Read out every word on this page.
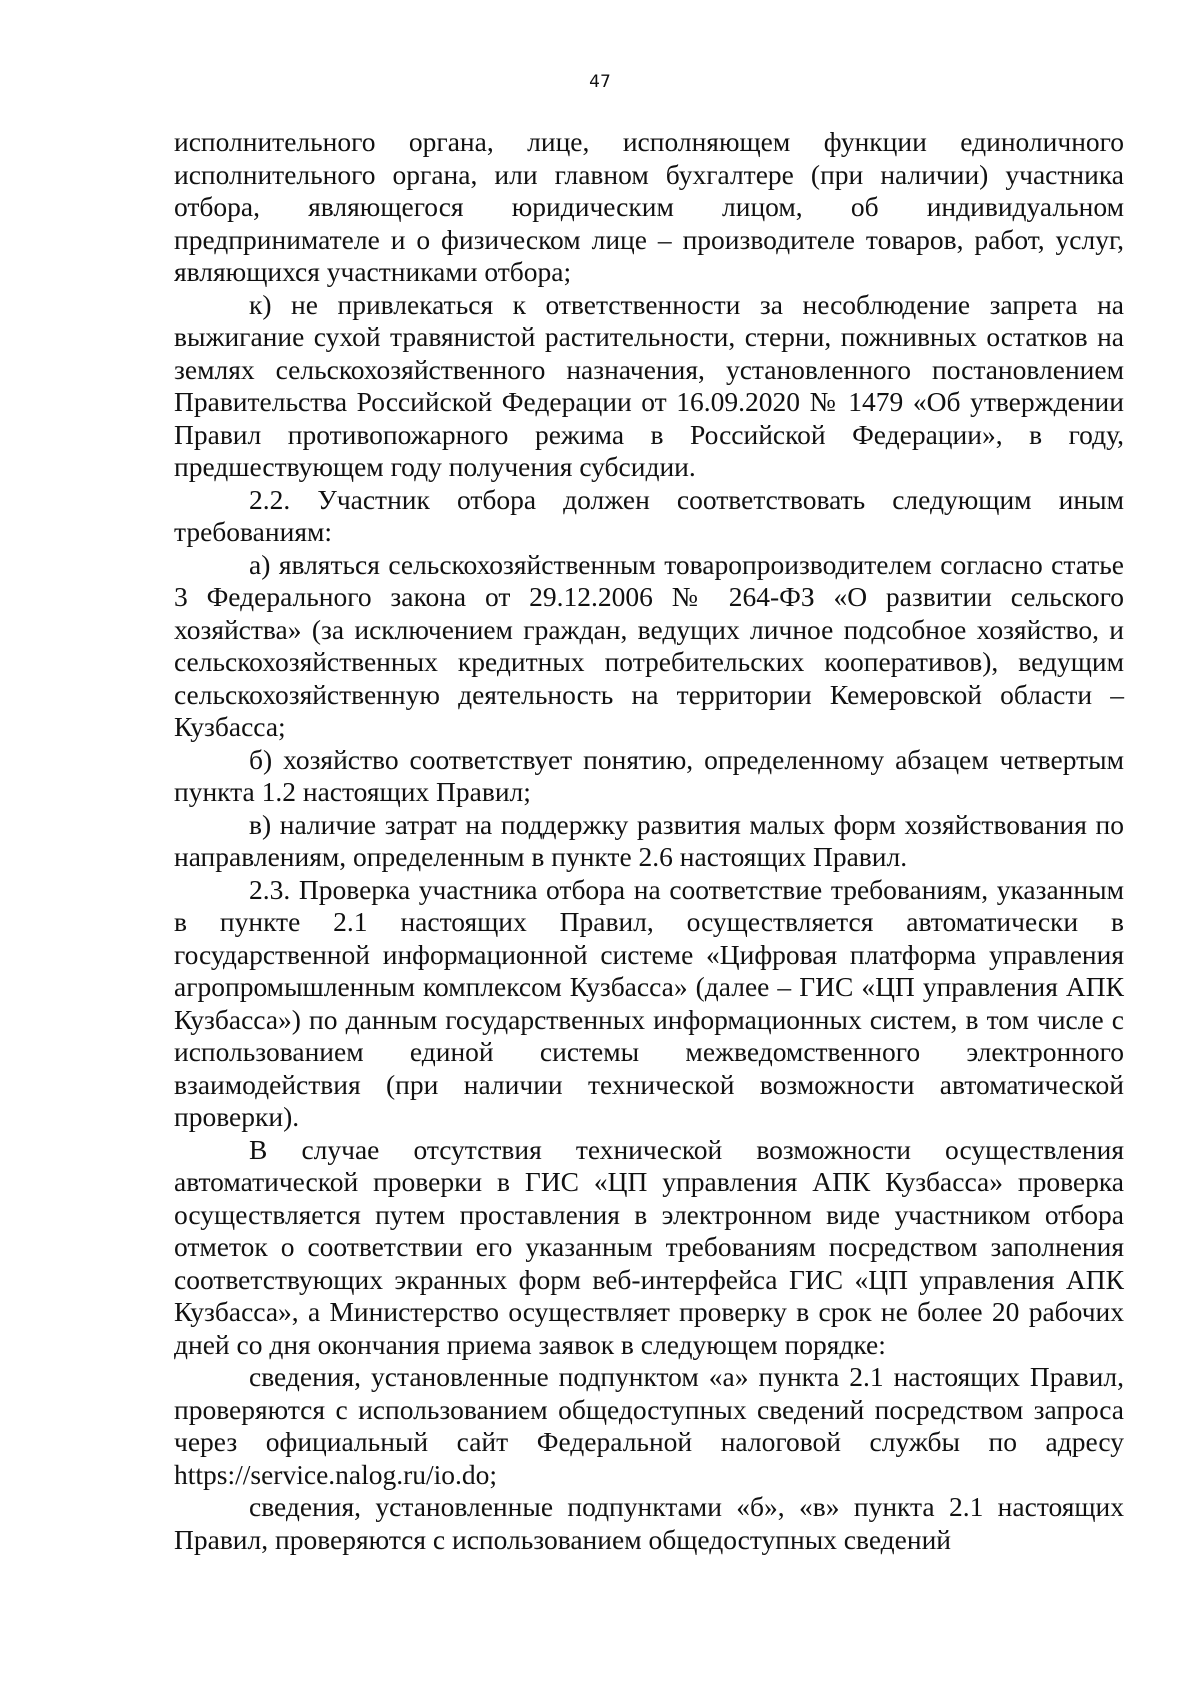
47

исполнительного органа, лице, исполняющем функции единоличного исполнительного органа, или главном бухгалтере (при наличии) участника отбора, являющегося юридическим лицом, об индивидуальном предпринимателе и о физическом лице – производителе товаров, работ, услуг, являющихся участниками отбора;

к) не привлекаться к ответственности за несоблюдение запрета на выжигание сухой травянистой растительности, стерни, пожнивных остатков на землях сельскохозяйственного назначения, установленного постановлением Правительства Российской Федерации от 16.09.2020 № 1479 «Об утверждении Правил противопожарного режима в Российской Федерации», в году, предшествующем году получения субсидии.

2.2. Участник отбора должен соответствовать следующим иным требованиям:

а) являться сельскохозяйственным товаропроизводителем согласно статье 3 Федерального закона от 29.12.2006 № 264-ФЗ «О развитии сельского хозяйства» (за исключением граждан, ведущих личное подсобное хозяйство, и сельскохозяйственных кредитных потребительских кооперативов), ведущим сельскохозяйственную деятельность на территории Кемеровской области – Кузбасса;

б) хозяйство соответствует понятию, определенному абзацем четвертым пункта 1.2 настоящих Правил;

в) наличие затрат на поддержку развития малых форм хозяйствования по направлениям, определенным в пункте 2.6 настоящих Правил.

2.3. Проверка участника отбора на соответствие требованиям, указанным в пункте 2.1 настоящих Правил, осуществляется автоматически в государственной информационной системе «Цифровая платформа управления агропромышленным комплексом Кузбасса» (далее – ГИС «ЦП управления АПК Кузбасса») по данным государственных информационных систем, в том числе с использованием единой системы межведомственного электронного взаимодействия (при наличии технической возможности автоматической проверки).

В случае отсутствия технической возможности осуществления автоматической проверки в ГИС «ЦП управления АПК Кузбасса» проверка осуществляется путем проставления в электронном виде участником отбора отметок о соответствии его указанным требованиям посредством заполнения соответствующих экранных форм веб-интерфейса ГИС «ЦП управления АПК Кузбасса», а Министерство осуществляет проверку в срок не более 20 рабочих дней со дня окончания приема заявок в следующем порядке:

сведения, установленные подпунктом «а» пункта 2.1 настоящих Правил, проверяются с использованием общедоступных сведений посредством запроса через официальный сайт Федеральной налоговой службы по адресу https://service.nalog.ru/io.do;

сведения, установленные подпунктами «б», «в» пункта 2.1 настоящих Правил, проверяются с использованием общедоступных сведений
